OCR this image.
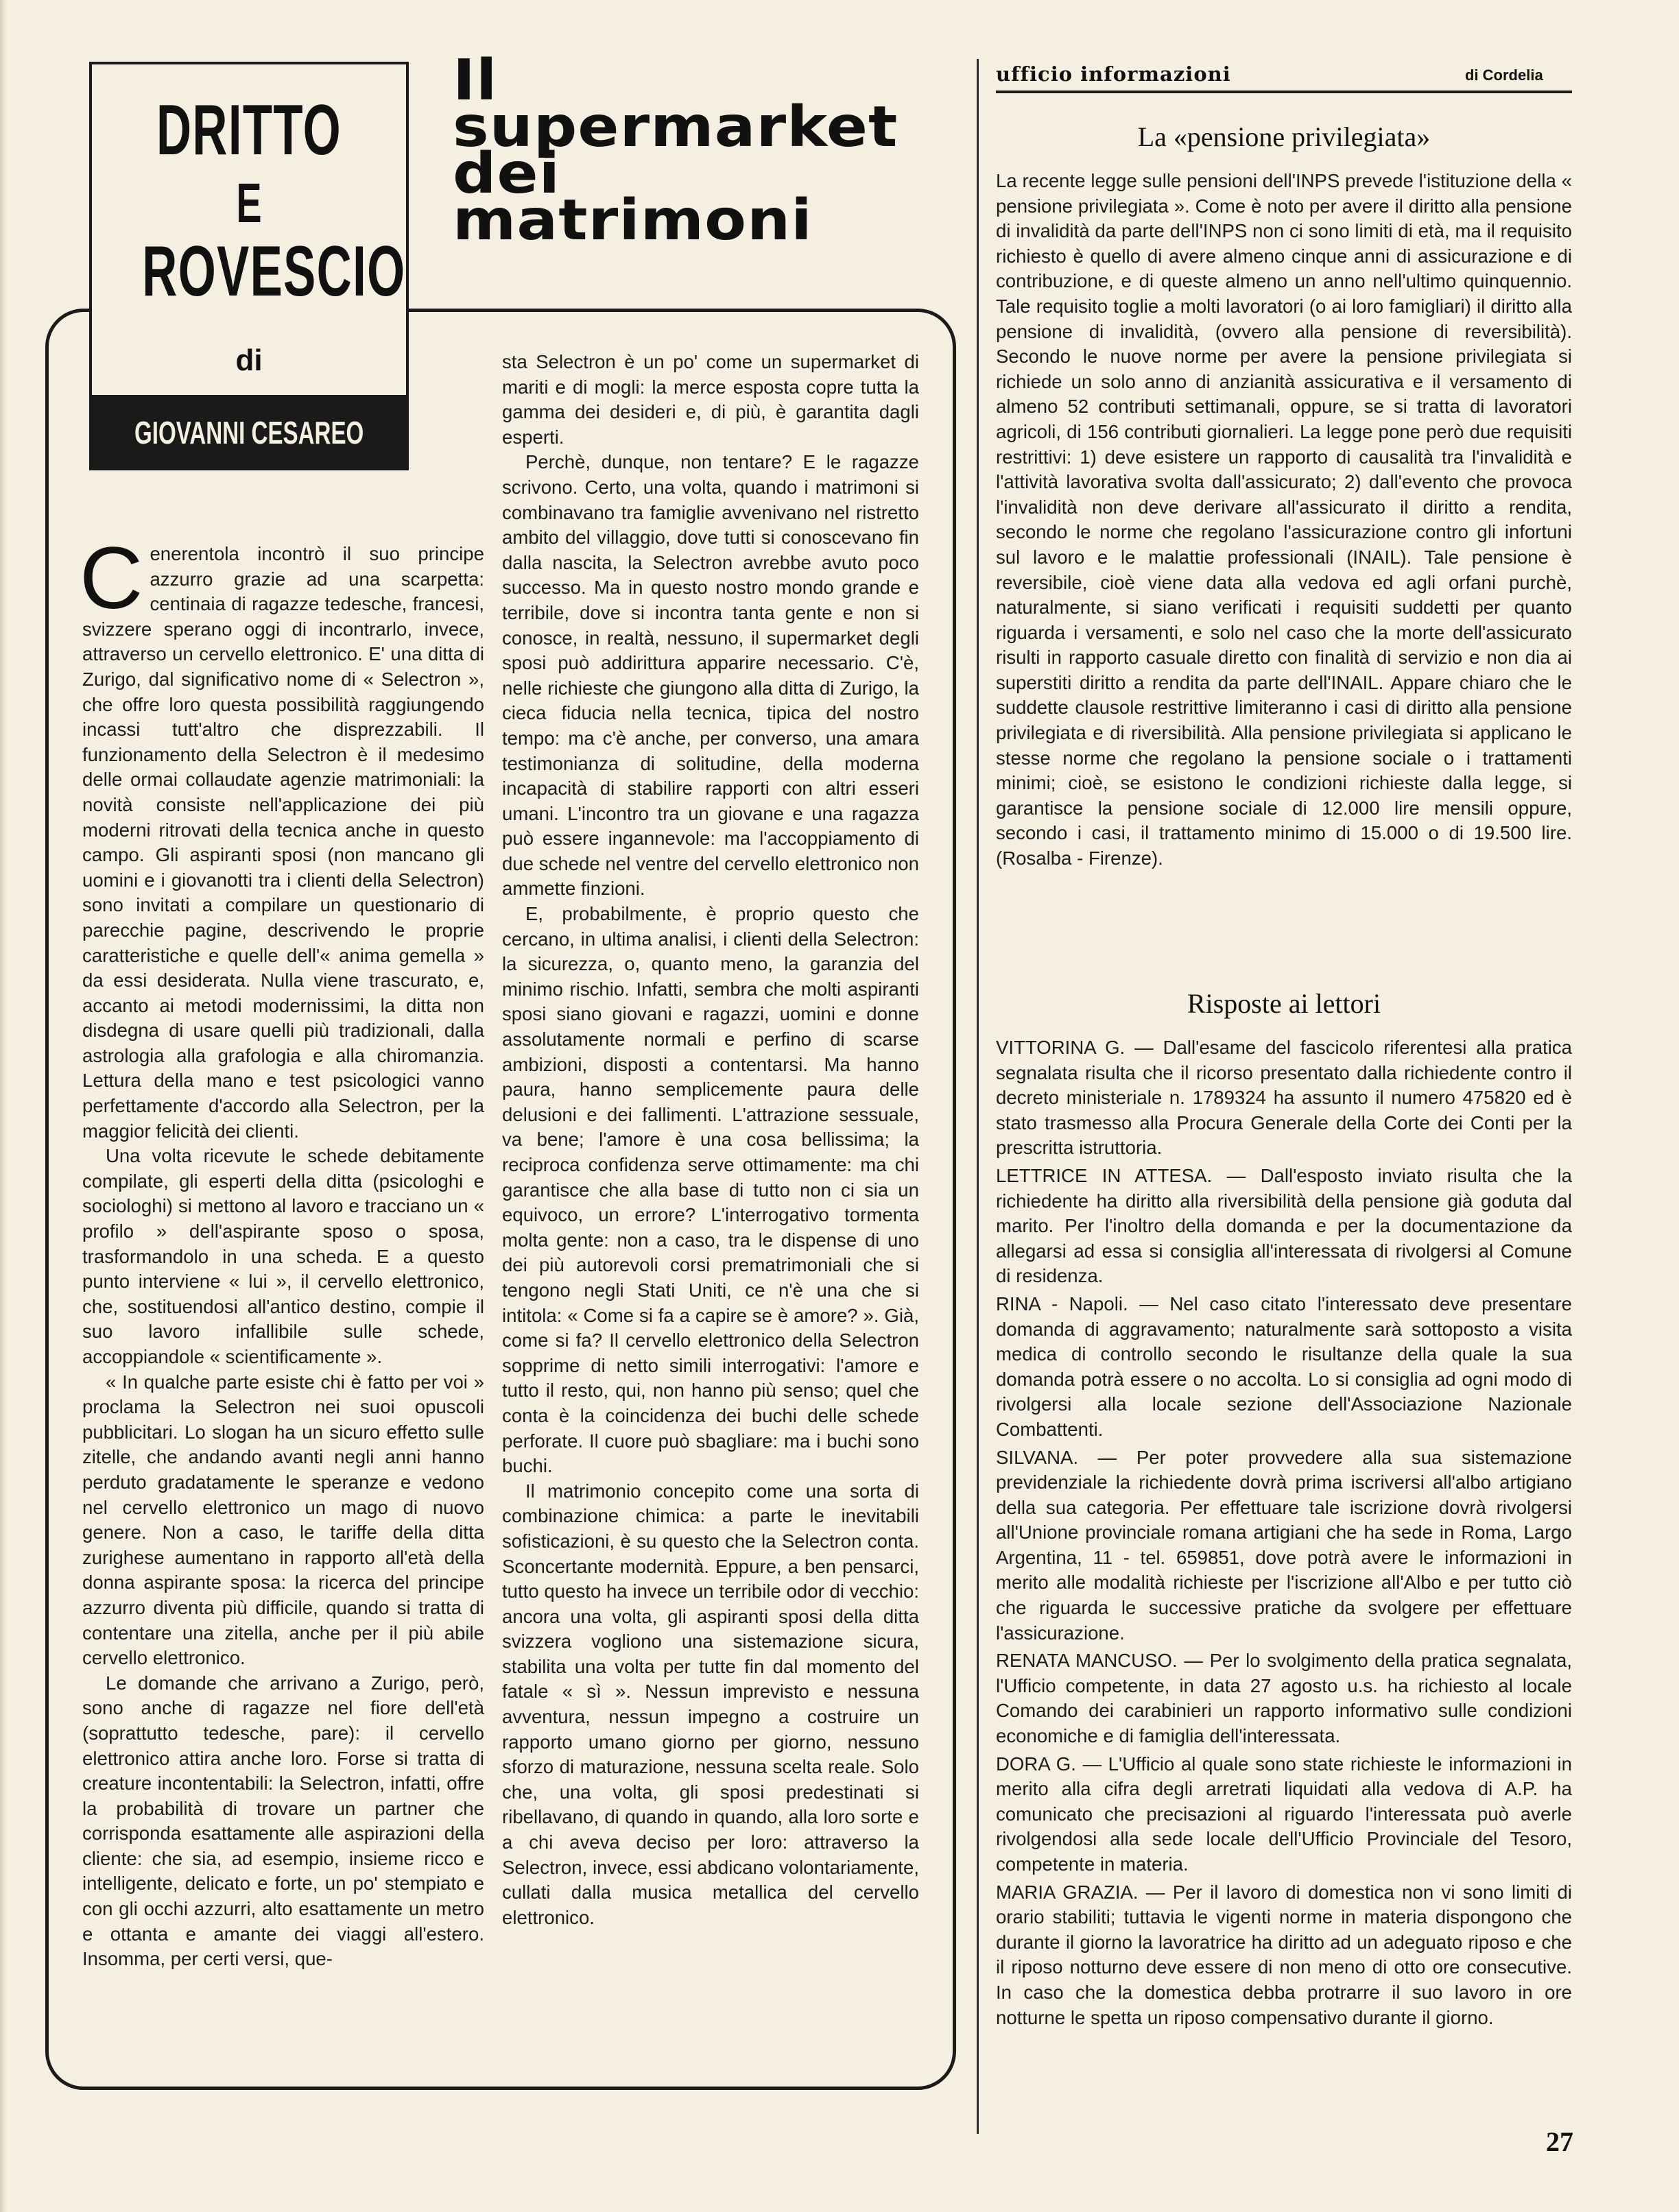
DRITTO
E
ROVESCIO
di
GIOVANNI CESAREO
Il
supermarket
dei
matrimoni

Cenerentola incontrò il suo principe azzurro grazie ad una scarpetta: centinaia di ragazze tedesche, francesi, svizzere sperano oggi di incontrarlo, invece, attraverso un cervello elettronico. E' una ditta di Zurigo, dal significativo nome di « Selectron », che offre loro questa possibilità raggiungendo incassi tutt'altro che disprezzabili. Il funzionamento della Selectron è il medesimo delle ormai collaudate agenzie matrimoniali: la novità consiste nell'applicazione dei più moderni ritrovati della tecnica anche in questo campo. Gli aspiranti sposi (non mancano gli uomini e i giovanotti tra i clienti della Selectron) sono invitati a compilare un questionario di parecchie pagine, descrivendo le proprie caratteristiche e quelle dell'« anima gemella » da essi desiderata. Nulla viene trascurato, e, accanto ai metodi modernissimi, la ditta non disdegna di usare quelli più tradizionali, dalla astrologia alla grafologia e alla chiromanzia. Lettura della mano e test psicologici vanno perfettamente d'accordo alla Selectron, per la maggior felicità dei clienti.

Una volta ricevute le schede debitamente compilate, gli esperti della ditta (psicologhi e sociologhi) si mettono al lavoro e tracciano un « profilo » dell'aspirante sposo o sposa, trasformandolo in una scheda. E a questo punto interviene « lui », il cervello elettronico, che, sostituendosi all'antico destino, compie il suo lavoro infallibile sulle schede, accoppiandole « scientificamente ».

« In qualche parte esiste chi è fatto per voi » proclama la Selectron nei suoi opuscoli pubblicitari. Lo slogan ha un sicuro effetto sulle zitelle, che andando avanti negli anni hanno perduto gradatamente le speranze e vedono nel cervello elettronico un mago di nuovo genere. Non a caso, le tariffe della ditta zurighese aumentano in rapporto all'età della donna aspirante sposa: la ricerca del principe azzurro diventa più difficile, quando si tratta di contentare una zitella, anche per il più abile cervello elettronico.

Le domande che arrivano a Zurigo, però, sono anche di ragazze nel fiore dell'età (soprattutto tedesche, pare): il cervello elettronico attira anche loro. Forse si tratta di creature incontentabili: la Selectron, infatti, offre la probabilità di trovare un partner che corrisponda esattamente alle aspirazioni della cliente: che sia, ad esempio, insieme ricco e intelligente, delicato e forte, un po' stempiato e con gli occhi azzurri, alto esattamente un metro e ottanta e amante dei viaggi all'estero. Insomma, per certi versi, que-

sta Selectron è un po' come un supermarket di mariti e di mogli: la merce esposta copre tutta la gamma dei desideri e, di più, è garantita dagli esperti.

Perchè, dunque, non tentare? E le ragazze scrivono. Certo, una volta, quando i matrimoni si combinavano tra famiglie avvenivano nel ristretto ambito del villaggio, dove tutti si conoscevano fin dalla nascita, la Selectron avrebbe avuto poco successo. Ma in questo nostro mondo grande e terribile, dove si incontra tanta gente e non si conosce, in realtà, nessuno, il supermarket degli sposi può addirittura apparire necessario. C'è, nelle richieste che giungono alla ditta di Zurigo, la cieca fiducia nella tecnica, tipica del nostro tempo: ma c'è anche, per converso, una amara testimonianza di solitudine, della moderna incapacità di stabilire rapporti con altri esseri umani. L'incontro tra un giovane e una ragazza può essere ingannevole: ma l'accoppiamento di due schede nel ventre del cervello elettronico non ammette finzioni.

E, probabilmente, è proprio questo che cercano, in ultima analisi, i clienti della Selectron: la sicurezza, o, quanto meno, la garanzia del minimo rischio. Infatti, sembra che molti aspiranti sposi siano giovani e ragazzi, uomini e donne assolutamente normali e perfino di scarse ambizioni, disposti a contentarsi. Ma hanno paura, hanno semplicemente paura delle delusioni e dei fallimenti. L'attrazione sessuale, va bene; l'amore è una cosa bellissima; la reciproca confidenza serve ottimamente: ma chi garantisce che alla base di tutto non ci sia un equivoco, un errore? L'interrogativo tormenta molta gente: non a caso, tra le dispense di uno dei più autorevoli corsi prematrimoniali che si tengono negli Stati Uniti, ce n'è una che si intitola: « Come si fa a capire se è amore? ». Già, come si fa? Il cervello elettronico della Selectron sopprime di netto simili interrogativi: l'amore e tutto il resto, qui, non hanno più senso; quel che conta è la coincidenza dei buchi delle schede perforate. Il cuore può sbagliare: ma i buchi sono buchi.

Il matrimonio concepito come una sorta di combinazione chimica: a parte le inevitabili sofisticazioni, è su questo che la Selectron conta. Sconcertante modernità. Eppure, a ben pensarci, tutto questo ha invece un terribile odor di vecchio: ancora una volta, gli aspiranti sposi della ditta svizzera vogliono una sistemazione sicura, stabilita una volta per tutte fin dal momento del fatale « sì ». Nessun imprevisto e nessuna avventura, nessun impegno a costruire un rapporto umano giorno per giorno, nessuno sforzo di maturazione, nessuna scelta reale. Solo che, una volta, gli sposi predestinati si ribellavano, di quando in quando, alla loro sorte e a chi aveva deciso per loro: attraverso la Selectron, invece, essi abdicano volontariamente, cullati dalla musica metallica del cervello elettronico.

ufficio informazioni	di Cordelia
La «pensione privilegiata»

La recente legge sulle pensioni dell'INPS prevede l'istituzione della « pensione privilegiata ». Come è noto per avere il diritto alla pensione di invalidità da parte dell'INPS non ci sono limiti di età, ma il requisito richiesto è quello di avere almeno cinque anni di assicurazione e di contribuzione, e di queste almeno un anno nell'ultimo quinquennio. Tale requisito toglie a molti lavoratori (o ai loro famigliari) il diritto alla pensione di invalidità, (ovvero alla pensione di reversibilità). Secondo le nuove norme per avere la pensione privilegiata si richiede un solo anno di anzianità assicurativa e il versamento di almeno 52 contributi settimanali, oppure, se si tratta di lavoratori agricoli, di 156 contributi giornalieri. La legge pone però due requisiti restrittivi: 1) deve esistere un rapporto di causalità tra l'invalidità e l'attività lavorativa svolta dall'assicurato; 2) dall'evento che provoca l'invalidità non deve derivare all'assicurato il diritto a rendita, secondo le norme che regolano l'assicurazione contro gli infortuni sul lavoro e le malattie professionali (INAIL). Tale pensione è reversibile, cioè viene data alla vedova ed agli orfani purchè, naturalmente, si siano verificati i requisiti suddetti per quanto riguarda i versamenti, e solo nel caso che la morte dell'assicurato risulti in rapporto casuale diretto con finalità di servizio e non dia ai superstiti diritto a rendita da parte dell'INAIL. Appare chiaro che le suddette clausole restrittive limiteranno i casi di diritto alla pensione privilegiata e di riversibilità. Alla pensione privilegiata si applicano le stesse norme che regolano la pensione sociale o i trattamenti minimi; cioè, se esistono le condizioni richieste dalla legge, si garantisce la pensione sociale di 12.000 lire mensili oppure, secondo i casi, il trattamento minimo di 15.000 o di 19.500 lire. (Rosalba - Firenze).

Risposte ai lettori

VITTORINA G. — Dall'esame del fascicolo riferentesi alla pratica segnalata risulta che il ricorso presentato dalla richiedente contro il decreto ministeriale n. 1789324 ha assunto il numero 475820 ed è stato trasmesso alla Procura Generale della Corte dei Conti per la prescritta istruttoria.

LETTRICE IN ATTESA. — Dall'esposto inviato risulta che la richiedente ha diritto alla riversibilità della pensione già goduta dal marito. Per l'inoltro della domanda e per la documentazione da allegarsi ad essa si consiglia all'interessata di rivolgersi al Comune di residenza.

RINA - Napoli. — Nel caso citato l'interessato deve presentare domanda di aggravamento; naturalmente sarà sottoposto a visita medica di controllo secondo le risultanze della quale la sua domanda potrà essere o no accolta. Lo si consiglia ad ogni modo di rivolgersi alla locale sezione dell'Associazione Nazionale Combattenti.

SILVANA. — Per poter provvedere alla sua sistemazione previdenziale la richiedente dovrà prima iscriversi all'albo artigiano della sua categoria. Per effettuare tale iscrizione dovrà rivolgersi all'Unione provinciale romana artigiani che ha sede in Roma, Largo Argentina, 11 - tel. 659851, dove potrà avere le informazioni in merito alle modalità richieste per l'iscrizione all'Albo e per tutto ciò che riguarda le successive pratiche da svolgere per effettuare l'assicurazione.

RENATA MANCUSO. — Per lo svolgimento della pratica segnalata, l'Ufficio competente, in data 27 agosto u.s. ha richiesto al locale Comando dei carabinieri un rapporto informativo sulle condizioni economiche e di famiglia dell'interessata.

DORA G. — L'Ufficio al quale sono state richieste le informazioni in merito alla cifra degli arretrati liquidati alla vedova di A.P. ha comunicato che precisazioni al riguardo l'interessata può averle rivolgendosi alla sede locale dell'Ufficio Provinciale del Tesoro, competente in materia.

MARIA GRAZIA. — Per il lavoro di domestica non vi sono limiti di orario stabiliti; tuttavia le vigenti norme in materia dispongono che durante il giorno la lavoratrice ha diritto ad un adeguato riposo e che il riposo notturno deve essere di non meno di otto ore consecutive. In caso che la domestica debba protrarre il suo lavoro in ore notturne le spetta un riposo compensativo durante il giorno.

27
